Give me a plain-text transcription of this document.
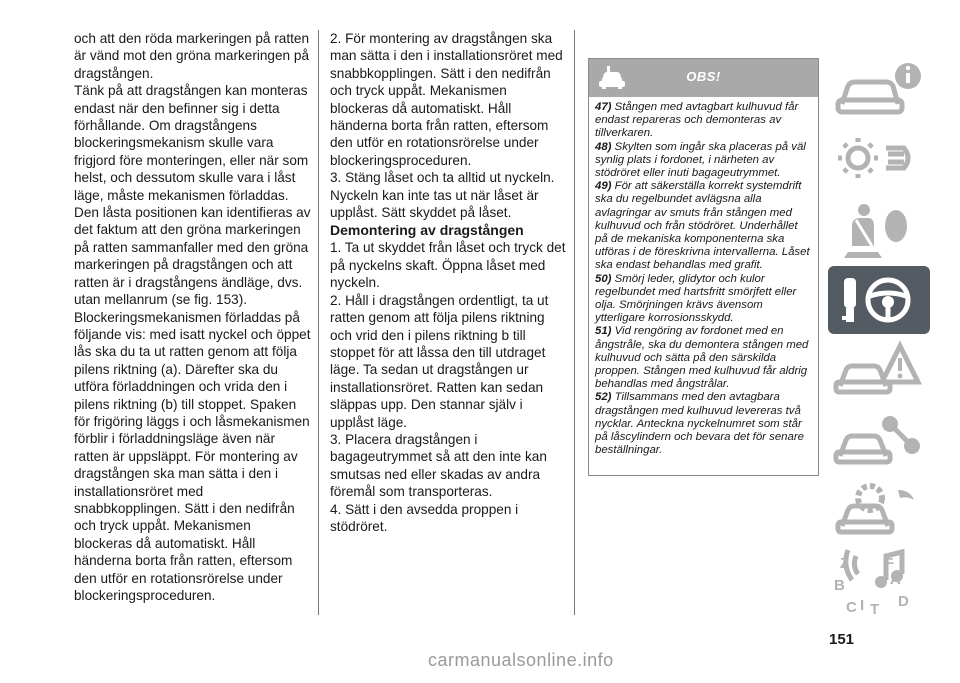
och att den röda markeringen på ratten är vänd mot den gröna markeringen på dragstången.

Tänk på att dragstången kan monteras endast när den befinner sig i detta förhållande. Om dragstångens blockeringsmekanism skulle vara frigjord före monteringen, eller när som helst, och dessutom skulle vara i låst läge, måste mekanismen förladdas.

Den låsta positionen kan identifieras av det faktum att den gröna markeringen på ratten sammanfaller med den gröna markeringen på dragstången och att ratten är i dragstångens ändläge, dvs. utan mellanrum (se fig. 153).

Blockeringsmekanismen förladdas på följande vis: med isatt nyckel och öppet lås ska du ta ut ratten genom att följa pilens riktning (a). Därefter ska du utföra förladdningen och vrida den i pilens riktning (b) till stoppet. Spaken för frigöring läggs i och låsmekanismen förblir i förladdningsläge även när ratten är uppsläppt. För montering av dragstången ska man sätta i den i installationsröret med snabbkopplingen. Sätt i den nedifrån och tryck uppåt. Mekanismen blockeras då automatiskt. Håll händerna borta från ratten, eftersom den utför en rotationsrörelse under blockeringsproceduren.

2. För montering av dragstången ska man sätta i den i installationsröret med snabbkopplingen. Sätt i den nedifrån och tryck uppåt. Mekanismen blockeras då automatiskt. Håll händerna borta från ratten, eftersom den utför en rotationsrörelse under blockeringsproceduren.

3. Stäng låset och ta alltid ut nyckeln. Nyckeln kan inte tas ut när låset är upplåst. Sätt skyddet på låset.

Demontering av dragstången

1. Ta ut skyddet från låset och tryck det på nyckelns skaft. Öppna låset med nyckeln.

2. Håll i dragstången ordentligt, ta ut ratten genom att följa pilens riktning och vrid den i pilens riktning b till stoppet för att låssa den till utdraget läge. Ta sedan ut dragstången ur installationsröret. Ratten kan sedan släppas upp. Den stannar själv i upplåst läge.

3. Placera dragstången i bagageutrymmet så att den inte kan smutsas ned eller skadas av andra föremål som transporteras.

4. Sätt i den avsedda proppen i stödröret.

OBS!

47) Stången med avtagbart kulhuvud får endast repareras och demonteras av tillverkaren.

48) Skylten som ingår ska placeras på väl synlig plats i fordonet, i närheten av stödröret eller inuti bagageutrymmet.

49) För att säkerställa korrekt systemdrift ska du regelbundet avlägsna alla avlagringar av smuts från stången med kulhuvud och från stödröret. Underhållet på de mekaniska komponenterna ska utföras i de föreskrivna intervallerna. Låset ska endast behandlas med grafit.

50) Smörj leder, glidytor och kulor regelbundet med hartsfritt smörjfett eller olja. Smörjningen krävs ävensom ytterligare korrosionsskydd.

51) Vid rengöring av fordonet med en ångstråle, ska du demontera stången med kulhuvud och sätta på den särskilda proppen. Stången med kulhuvud får aldrig behandlas med ångstrålar.

52) Tillsammans med den avtagbara dragstången med kulhuvud levereras två nycklar. Anteckna nyckelnumret som står på låscylindern och bevara det för senare beställningar.

Z E
B	A
C T D
I
151
carmanualsonline.info
